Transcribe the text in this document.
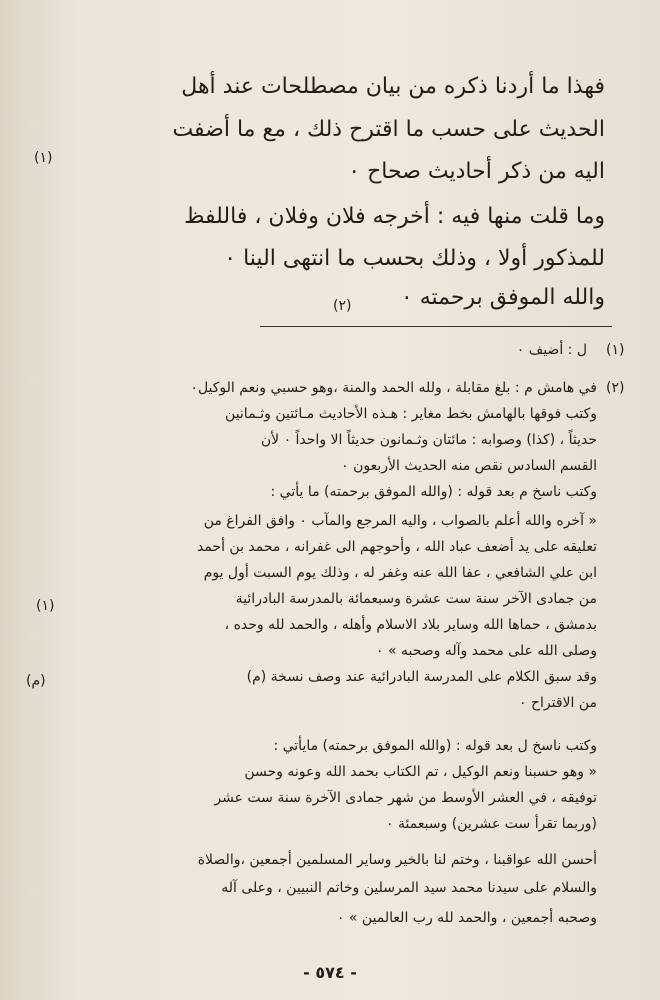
فهذا ما أردنا ذكره من بيان مصطلحات عند أهل

الحديث على حسب ما اقترح ذلك ، مع ما أضفت

(١)

اليه من ذكر أحاديث صحاح ٠

وما قلت منها فيه : أخرجه فلان وفلان ، فاللفظ

للمذكور أولا ، وذلك بحسب ما انتهى الينا ٠

والله الموفق برحمته ٠

(٢)
(١)

ل : أضيف ٠

(٢)

في هامش م : بلغ مقابلة ، ولله الحمد والمنة ،وهو حسبي ونعم الوكيل٠

وكتب فوقها بالهامش بخط مغاير : هـذه الأحاديث مـائتين وثـمانين

حديثاً ، (كذا) وصوابه : مائتان وثـمانون حديثاً الا واحداً ٠ لأن

القسم السادس نقص منه الحديث الأربعون ٠

وكتب ناسخ م بعد قوله : (والله الموفق برحمته) ما يأتي :

« آخره والله أعلم بالصواب ، واليه المرجع والمآب ٠ وافق الفراغ من

تعليقه على يد أضعف عباد الله ، وأحوجهم الى غفرانه ، محمد بن أحمد

ابن علي الشافعي ، عفا الله عنه وغفر له ، وذلك يوم السبت أول يوم

من جمادى الآخر سنة ست عشرة وسبعمائة بالمدرسة البادرائية

(١)

بدمشق ، حماها الله وساير بلاد الاسلام وأهله ، والحمد لله وحده ،

وصلى الله على محمد وآله وصحبه » ٠

وقد سبق الكلام على المدرسة البادرائية عند وصف نسخة (م)

(م)

من الاقتراح ٠

وكتب ناسخ ل بعد قوله : (والله الموفق برحمته) مايأتي :

« وهو حسبنا ونعم الوكيل ، تم الكتاب بحمد الله وعونه وحسن

توفيقه ، في العشر الأوسط من شهر جمادى الآخرة سنة ست عشر

(وربما تقرأ ست عشرين) وسبعمئة ٠

أحسن الله عواقبنا ، وختم لنا بالخير وساير المسلمين أجمعين ،والصلاة

والسلام على سيدنا محمد سيد المرسلين وخاتم النبيين ، وعلى آله

وصحبه أجمعين ، والحمد لله رب العالمين » ٠

- ٥٧٤ -
